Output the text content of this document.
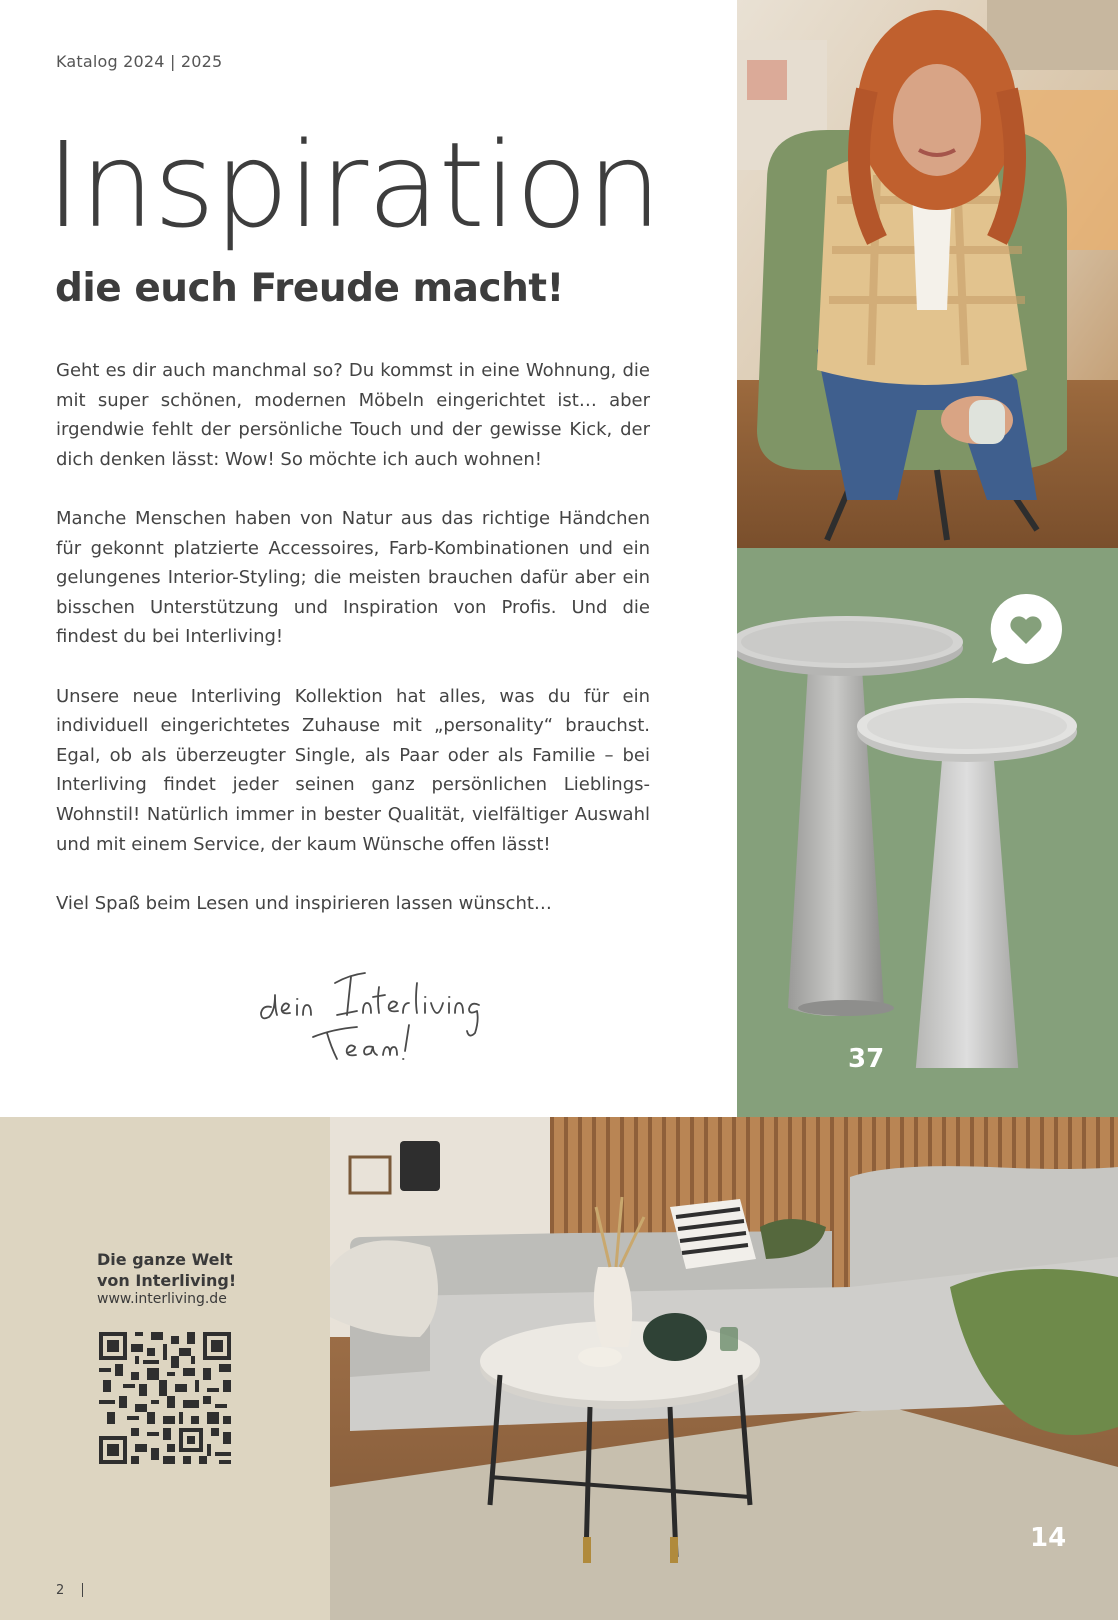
Katalog 2024 | 2025
Inspiration
die euch Freude macht!

Geht es dir auch manchmal so? Du kommst in eine Wohnung, die mit super schönen, modernen Möbeln eingerichtet ist… aber irgendwie fehlt der persönliche Touch und der gewisse Kick, der dich denken lässt: Wow! So möchte ich auch wohnen!

Manche Menschen haben von Natur aus das richtige Händchen für gekonnt platzierte Accessoires, Farb-Kombinationen und ein gelungenes Interior-Styling; die meisten brauchen dafür aber ein bisschen Unterstützung und Inspiration von Profis. Und die findest du bei Interliving!

Unsere neue Interliving Kollektion hat alles, was du für ein individuell eingerichtetes Zuhause mit „personality“ brauchst. Egal, ob als überzeugter Single, als Paar oder als Familie – bei Interliving findet jeder seinen ganz persönlichen Lieblings-Wohnstil! Natürlich immer in bester Qualität, vielfältiger Auswahl und mit einem Service, der kaum Wünsche offen lässt!

Viel Spaß beim Lesen und inspirieren lassen wünscht…

37
Die ganze Welt
von Interliving!
www.interliving.de
2
14
